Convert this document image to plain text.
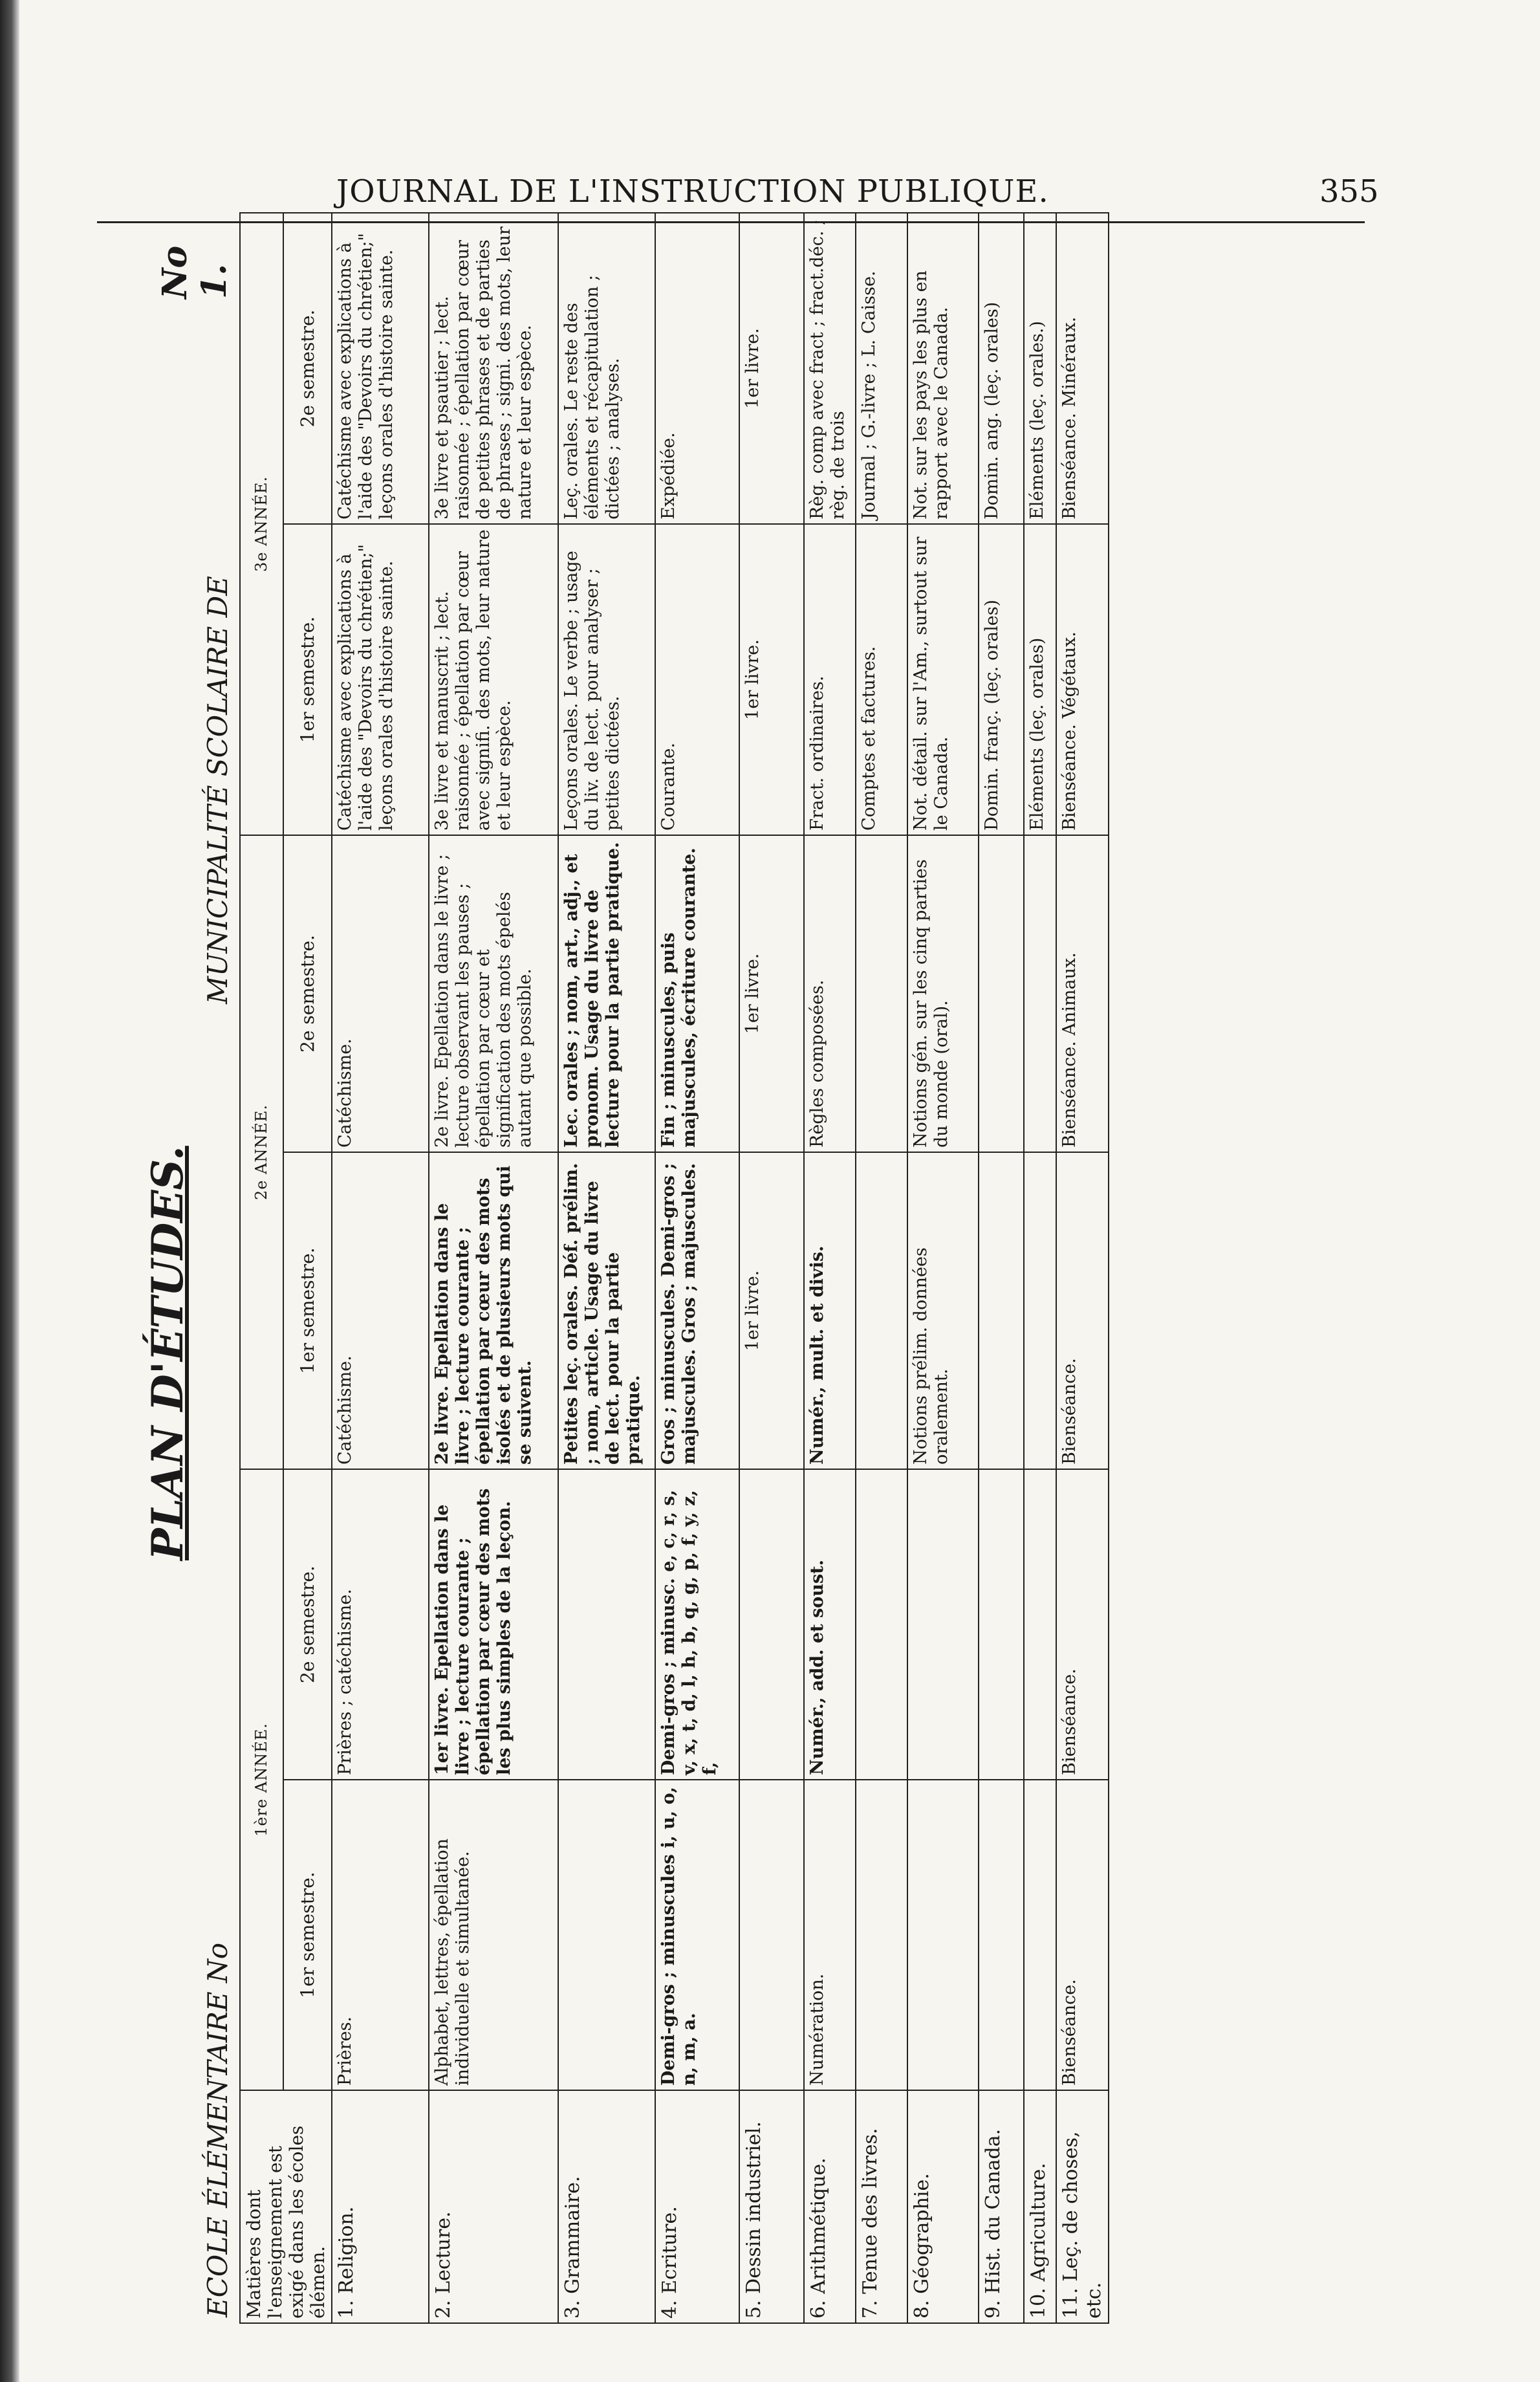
JOURNAL DE L'INSTRUCTION PUBLIQUE.	355
PLAN D'ÉTUDES.
ECOLE ÉLÉMENTAIRE No
MUNICIPALITÉ SCOLAIRE DE
No 1.
Matières dont l'enseignement est exigé dans les écoles élémen.	1ère ANNÉE.		2e ANNÉE.		3e ANNÉE.	
	1er semestre.	2e semestre.	1er semestre.	2e semestre.	1er semestre.	2e semestre.
1. Religion.	Prières.	Prières ; catéchisme.	Catéchisme.	Catéchisme.	Catéchisme avec explications à l'aide des "Devoirs du chrétien;" leçons orales d'histoire sainte.	Catéchisme avec explications à l'aide des "Devoirs du chrétien;" leçons orales d'histoire sainte.
2. Lecture.	Alphabet, lettres, épellation individuelle et simultanée.	1er livre. Epellation dans le livre ; lecture courante ; épellation par cœur des mots les plus simples de la leçon.	2e livre. Epellation dans le livre ; lecture courante ; épellation par cœur des mots isolés et de plusieurs mots qui se suivent.	2e livre. Epellation dans le livre ; lecture observant les pauses ; épellation par cœur et signification des mots épelés autant que possible.	3e livre et manuscrit ; lect. raisonnée ; épellation par cœur avec signifi. des mots, leur nature et leur espèce.	3e livre et psautier ; lect. raisonnée ; épellation par cœur de petites phrases et de parties de phrases ; signi. des mots, leur nature et leur espèce.
3. Grammaire.			Petites leç. orales. Déf. prélim. ; nom, article. Usage du livre de lect. pour la partie pratique.	Lec. orales ; nom, art., adj., et pronom. Usage du livre de lecture pour la partie pratique.	Leçons orales. Le verbe ; usage du liv. de lect. pour analyser ; petites dictées.	Leç. orales. Le reste des éléments et récapitulation ; dictées ; analyses.
4. Ecriture.	Demi-gros ; minuscules i, u, o, n, m, a.	Demi-gros ; minusc. e, c, r, s, v, x, t, d, l, h, b, q, g, p, f, y, z, f,	Gros ; minuscules. Demi-gros ; majuscules. Gros ; majuscules.	Fin ; minuscules, puis majuscules, écriture courante.	Courante.	Expédiée.
5. Dessin industriel.			1er livre.	1er livre.	1er livre.	1er livre.
6. Arithmétique.	Numération.	Numér., add. et soust.	Numér., mult. et divis.	Règles composées.	Fract. ordinaires.	Règ. comp avec fract ; fract.déc. ; règ. de trois
7. Tenue des livres.					Comptes et factures.	Journal ; G.-livre ; L. Caisse.
8. Géographie.			Notions prélim. données oralement.	Notions gén. sur les cinq parties du monde (oral).	Not. détail. sur l'Am., surtout sur le Canada.	Not. sur les pays les plus en rapport avec le Canada.
9. Hist. du Canada.					Domin. franç. (leç. orales)	Domin. ang. (leç. orales)
10. Agriculture.					Eléments (leç. orales)	Eléments (leç. orales.)
11. Leç. de choses, etc.	Bienséance.	Bienséance.	Bienséance.	Bienséance. Animaux.	Bienséance. Végétaux.	Bienséance. Minéraux.
